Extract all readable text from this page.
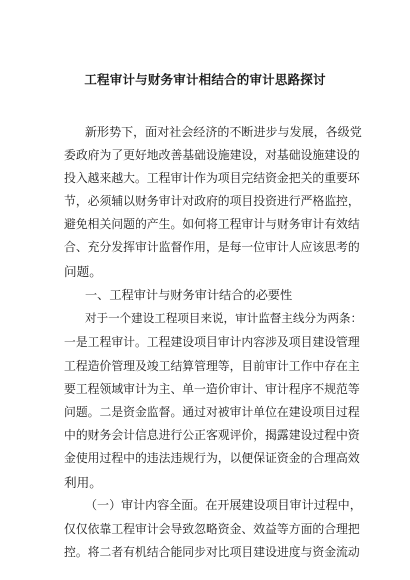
工程审计与财务审计相结合的审计思路探讨
新形势下，面对社会经济的不断进步与发展，各级党
委政府为了更好地改善基础设施建设，对基础设施建设的
投入越来越大。工程审计作为项目完结资金把关的重要环
节，必须辅以财务审计对政府的项目投资进行严格监控，
避免相关问题的产生。如何将工程审计与财务审计有效结
合、充分发挥审计监督作用，是每一位审计人应该思考的
问题。
一、工程审计与财务审计结合的必要性
对于一个建设工程项目来说，审计监督主线分为两条：
一是工程审计。工程建设项目审计内容涉及项目建设管理
工程造价管理及竣工结算管理等，目前审计工作中存在主
要工程领域审计为主、单一造价审计、审计程序不规范等
问题。二是资金监督。通过对被审计单位在建设项目过程
中的财务会计信息进行公正客观评价，揭露建设过程中资
金使用过程中的违法违规行为，以便保证资金的合理高效
利用。
（一）审计内容全面。在开展建设项目审计过程中，
仅仅依靠工程审计会导致忽略资金、效益等方面的合理把
控。将二者有机结合能同步对比项目建设进度与资金流动
